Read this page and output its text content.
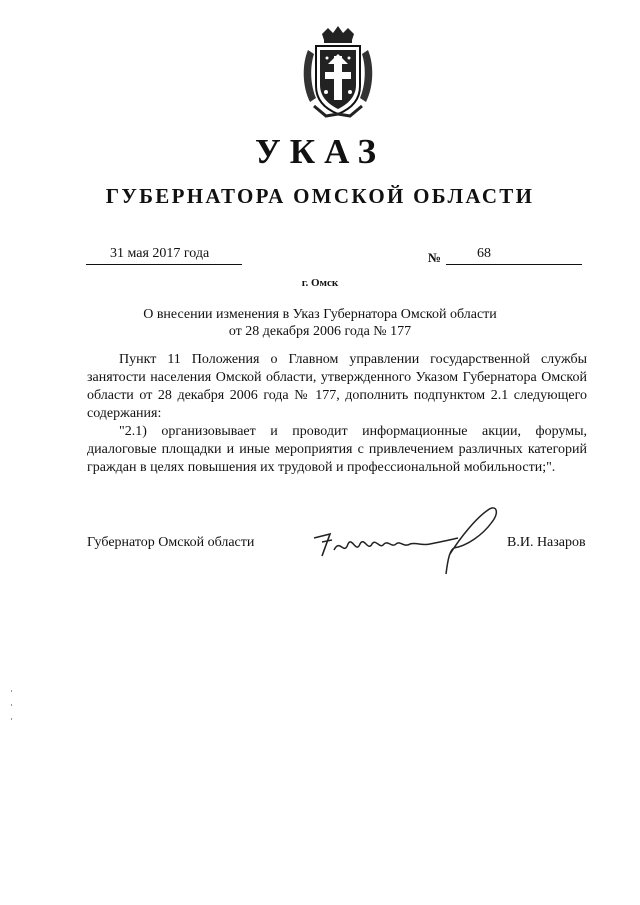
УКАЗ
ГУБЕРНАТОРА ОМСКОЙ ОБЛАСТИ
31 мая 2017 года	№	68
г. Омск
О внесении изменения в Указ Губернатора Омской области
от 28 декабря 2006 года № 177

Пункт 11 Положения о Главном управлении государственной службы занятости населения Омской области, утвержденного Указом Губернатора Омской области от 28 декабря 2006 года № 177, дополнить подпунктом 2.1 следующего содержания:

"2.1) организовывает и проводит информационные акции, форумы, диалоговые площадки и иные мероприятия с привлечением различных категорий граждан в целях повышения их трудовой и профессиональной мобильности;".

Губернатор Омской области	В.И. Назаров
